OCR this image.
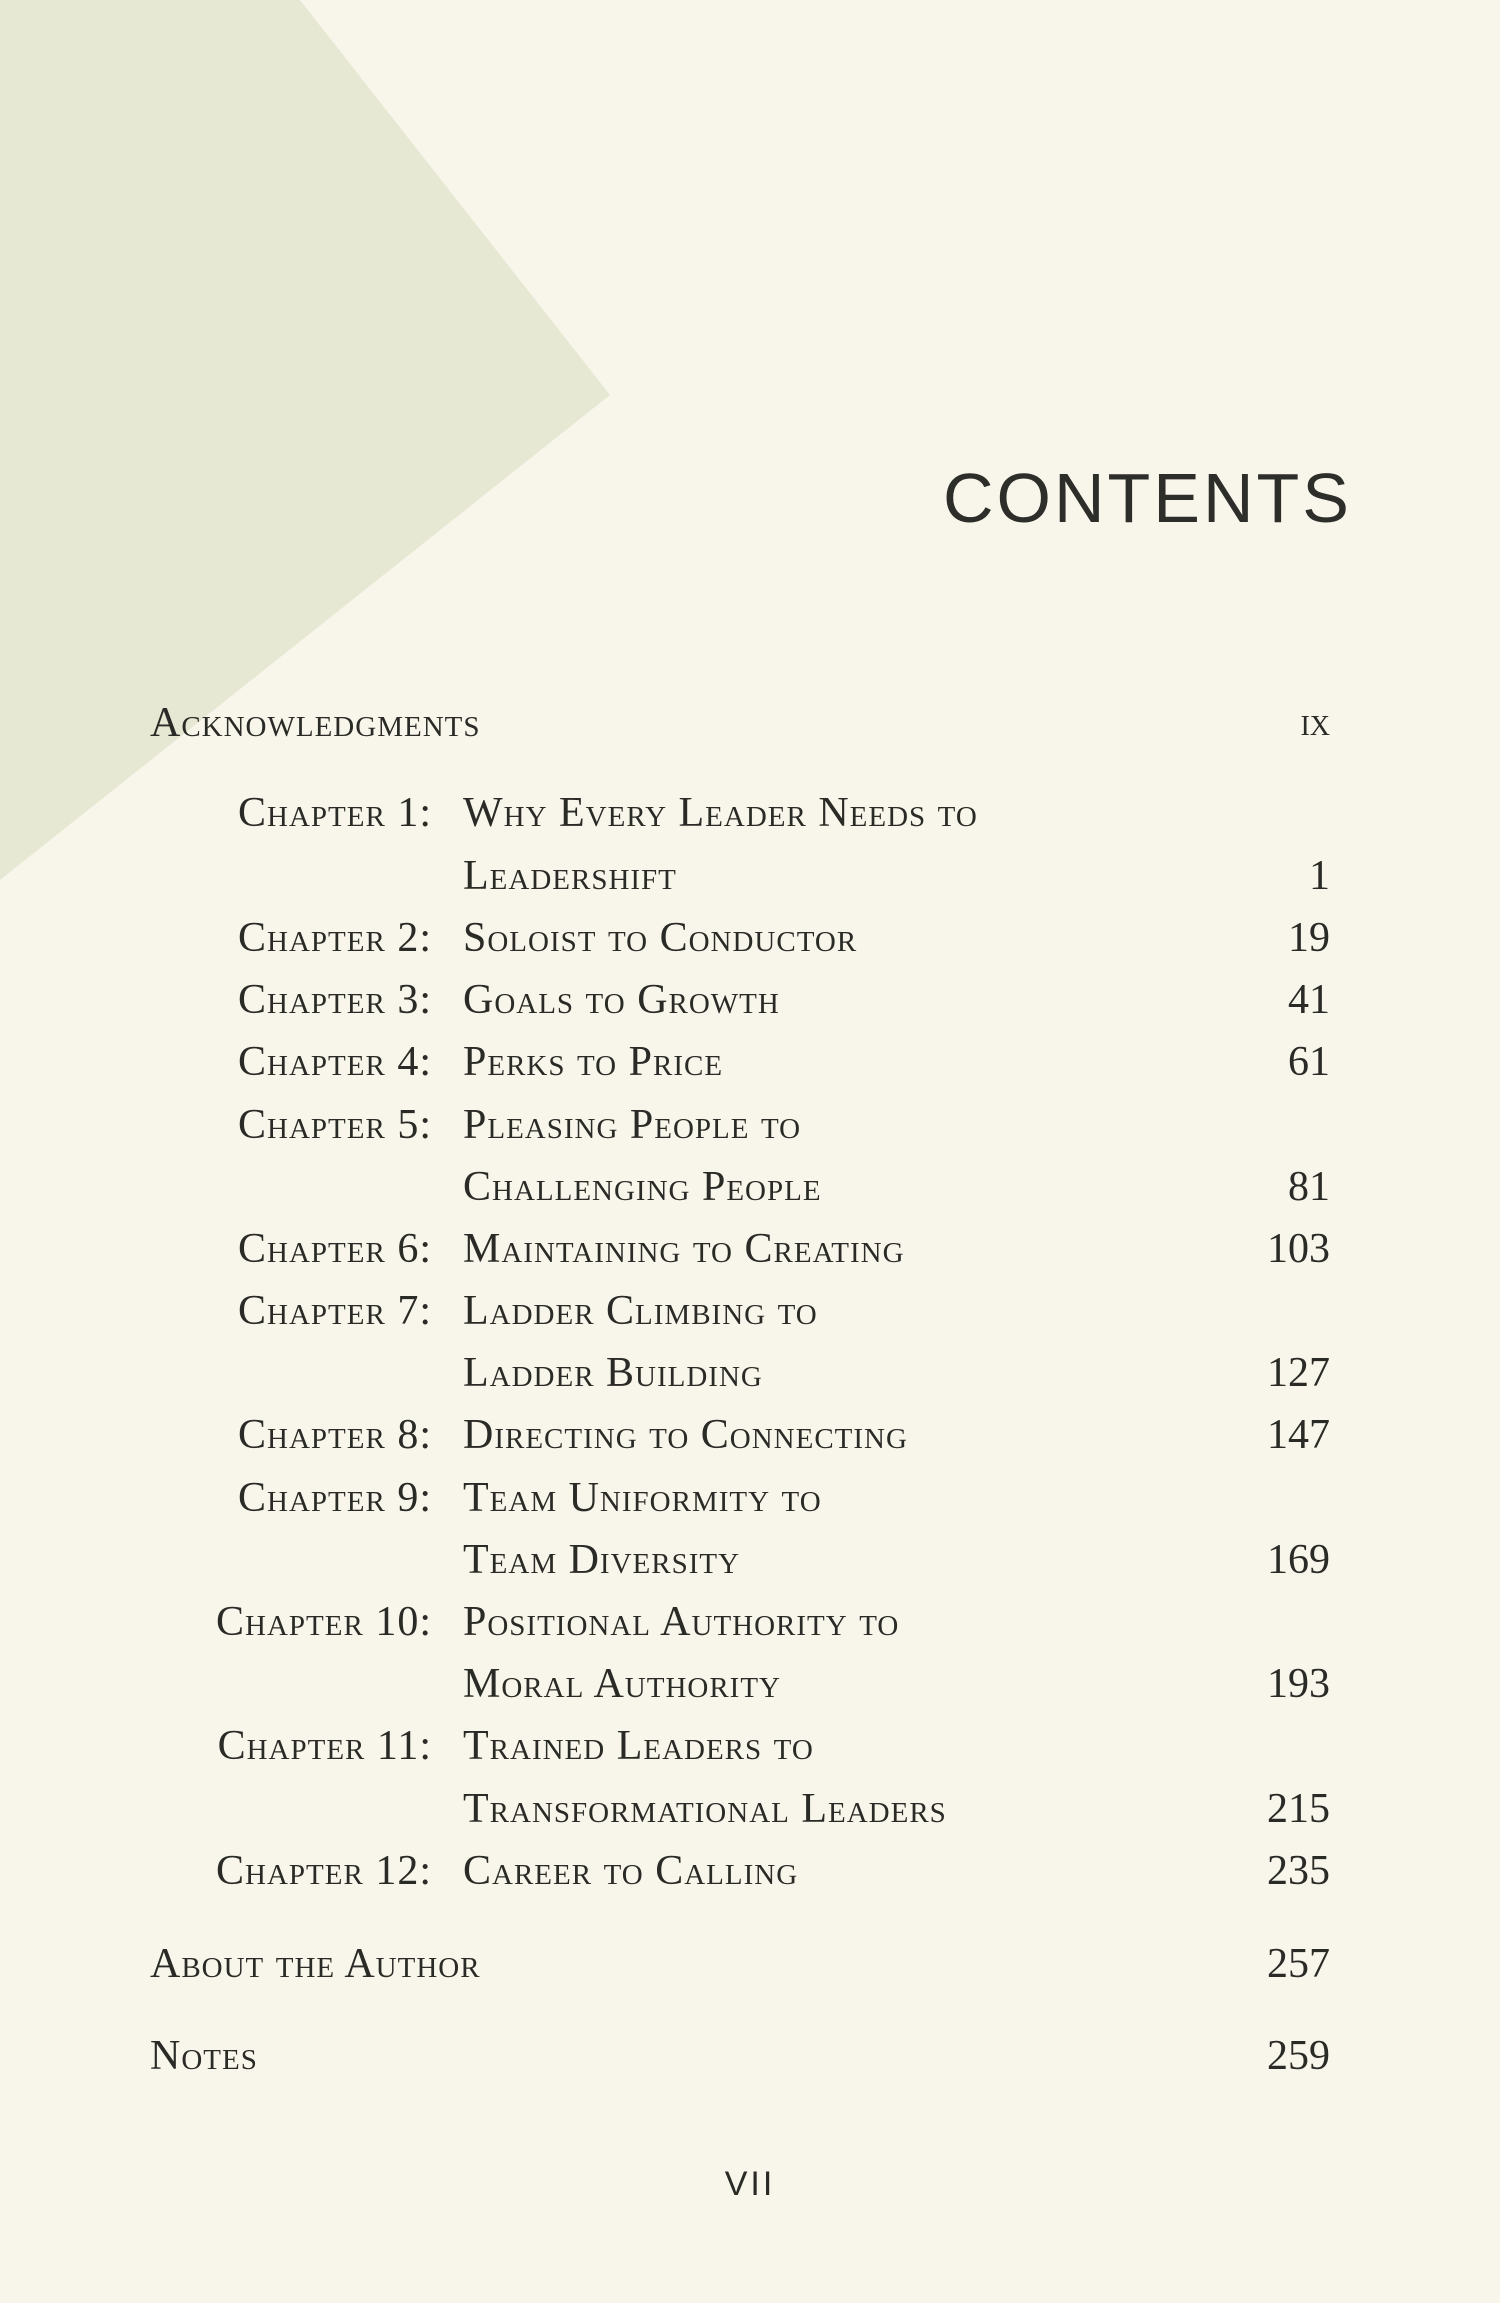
CONTENTS
Acknowledgments	ix
Chapter 1: Why Every Leader Needs to
Leadershift	1
Chapter 2: Soloist to Conductor	19
Chapter 3: Goals to Growth	41
Chapter 4: Perks to Price	61
Chapter 5: Pleasing People to
Challenging People	81
Chapter 6: Maintaining to Creating	103
Chapter 7: Ladder Climbing to
Ladder Building	127
Chapter 8: Directing to Connecting	147
Chapter 9: Team Uniformity to
Team Diversity	169
Chapter 10: Positional Authority to
Moral Authority	193
Chapter 11: Trained Leaders to
Transformational Leaders	215
Chapter 12: Career to Calling	235
About the Author	257
Notes	259
VII
